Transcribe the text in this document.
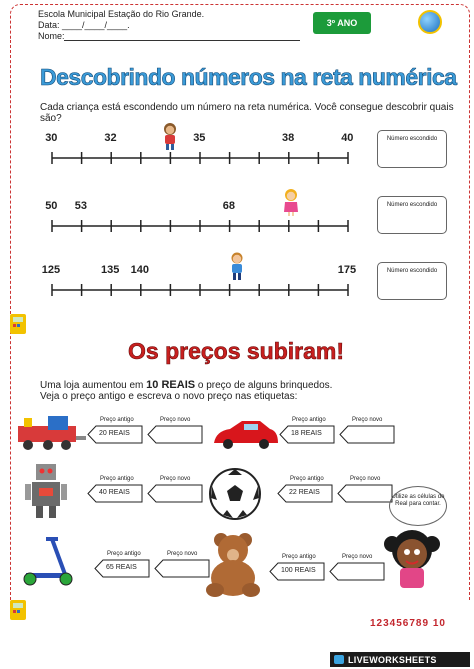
Escola Municipal Estação do Rio Grande.
Data: ____/____/____.
Nome:
3º ANO
Descobrindo números na reta numérica
Cada criança está escondendo um número na reta numérica. Você consegue descobrir quais são?
30	32	35	38	40
50 53	68
125	135 140	175
Número escondido
Número escondido
Número escondido
Preço antigo
20 REAIS
Preço novo	Preço antigo
18 REAIS
Preço novo
Preço antigo
40 REAIS
Preço novo	Preço antigo
22 REAIS
Preço novo
Preço antigo
65 REAIS
Preço novo	Preço antigo
100 REAIS
Preço novo
Os preços subiram!
Uma loja aumentou em 10 REAIS o preço de alguns brinquedos.
Veja o preço antigo e escreva o novo preço nas etiquetas:
Utilize as células de Real para contar.
123456789 10
LIVEWORKSHEETS
